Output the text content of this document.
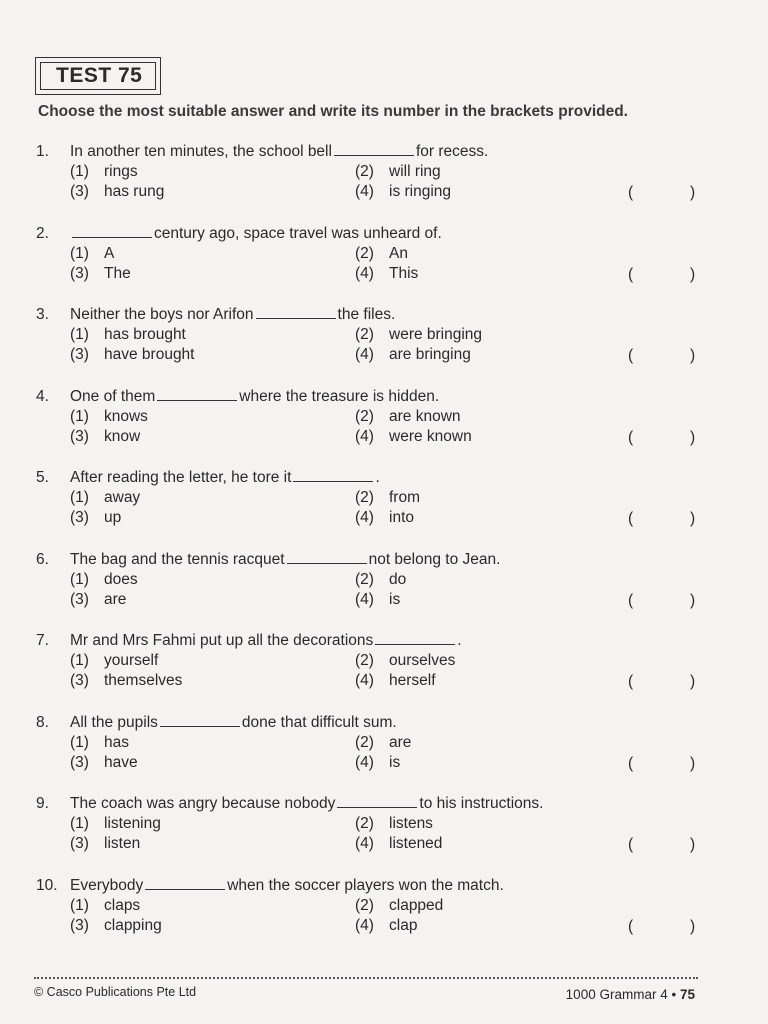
TEST 75
Choose the most suitable answer and write its number in the brackets provided.
1. In another ten minutes, the school bell	for recess.
(1) rings	(2) will ring
(3) has rung	(4) is ringing	(	)
2.	century ago, space travel was unheard of.
(1) A	(2) An
(3) The	(4) This	(	)
3. Neither the boys nor Arifon	the files.
(1) has brought	(2) were bringing
(3) have brought	(4) are bringing	(	)
4. One of them	where the treasure is hidden.
(1) knows	(2) are known
(3) know	(4) were known	(	)
5. After reading the letter, he tore it	.
(1) away	(2) from
(3) up	(4) into	(	)
6. The bag and the tennis racquet	not belong to Jean.
(1) does	(2) do
(3) are	(4) is	(	)
7. Mr and Mrs Fahmi put up all the decorations	.
(1) yourself	(2) ourselves
(3) themselves	(4) herself	(	)
8. All the pupils	done that difficult sum.
(1) has	(2) are
(3) have	(4) is	(	)
9. The coach was angry because nobody	to his instructions.
(1) listening	(2) listens
(3) listen	(4) listened	(	)
10. Everybody	when the soccer players won the match.
(1) claps	(2) clapped
(3) clapping	(4) clap	(	)
© Casco Publications Pte Ltd	1000 Grammar 4 • 75
